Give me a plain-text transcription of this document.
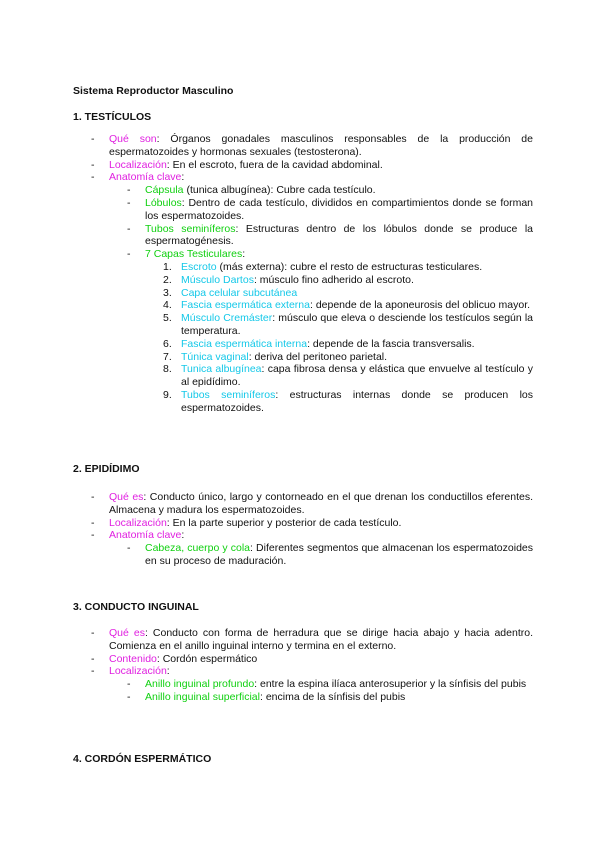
Sistema Reproductor Masculino
1. TESTÍCULOS
- Qué son: Órganos gonadales masculinos responsables de la producción de espermatozoides y hormonas sexuales (testosterona).
- Localización: En el escroto, fuera de la cavidad abdominal.
- Anatomía clave:
- Cápsula (tunica albugínea): Cubre cada testículo.
- Lóbulos: Dentro de cada testículo, divididos en compartimientos donde se forman los espermatozoides.
- Tubos seminíferos: Estructuras dentro de los lóbulos donde se produce la espermatogénesis.
- 7 Capas Testiculares:
1. Escroto (más externa): cubre el resto de estructuras testiculares.
2. Músculo Dartos: músculo fino adherido al escroto.
3. Capa celular subcutánea
4. Fascia espermática externa: depende de la aponeurosis del oblicuo mayor.
5. Músculo Cremáster: músculo que eleva o desciende los testículos según la temperatura.
6. Fascia espermática interna: depende de la fascia transversalis.
7. Túnica vaginal: deriva del peritoneo parietal.
8. Tunica albugínea: capa fibrosa densa y elástica que envuelve al testículo y al epidídimo.
9. Tubos seminíferos: estructuras internas donde se producen los espermatozoides.
2. EPIDÍDIMO
- Qué es: Conducto único, largo y contorneado en el que drenan los conductillos eferentes. Almacena y madura los espermatozoides.
- Localización: En la parte superior y posterior de cada testículo.
- Anatomía clave:
- Cabeza, cuerpo y cola: Diferentes segmentos que almacenan los espermatozoides en su proceso de maduración.
3. CONDUCTO INGUINAL
- Qué es: Conducto con forma de herradura que se dirige hacia abajo y hacia adentro. Comienza en el anillo inguinal interno y termina en el externo.
- Contenido: Cordón espermático
- Localización:
- Anillo inguinal profundo: entre la espina ilíaca anterosuperior y la sínfisis del pubis
- Anillo inguinal superficial: encima de la sínfisis del pubis
4. CORDÓN ESPERMÁTICO
